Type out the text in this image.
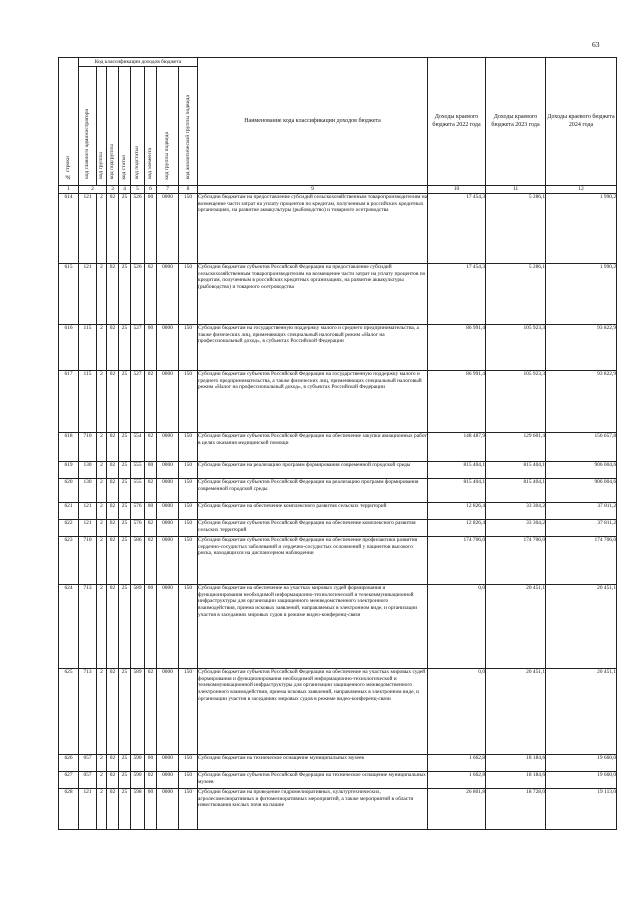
63
№ строки	Код классификации доходов бюджета								Наименование кода классификации доходов бюджета	Доходы краевого бюджета 2022 года	Доходы краевого бюджета 2023 года	Доходы краевого бюджета 2024 года

	код главного администратора	код группы	код подгруппы	код статьи	код подстатьи	код элемента	код группы подвида	код аналитической группы подвида				
1	2		3	4	5	6	7	8	9	10	11	12
614	121	2	02	25	526	00	0000	150	Субсидии бюджетам на предоставление субсидий сельскохозяйственным товаропроизводителям на возмещение части затрат на уплату процентов по кредитам, полученным в российских кредитных организациях, на развитие аквакультуры (рыбоводство) и товарного осетроводства	17 454,3	5 286,1	1 990,2
615	121	2	02	25	526	02	0000	150	Субсидии бюджетам субъектов Российской Федерации на предоставление субсидий сельскохозяйственным товаропроизводителям на возмещение части затрат на уплату процентов по кредитам, полученным в российских кредитных организациях, на развитие аквакультуры (рыбоводство) и товарного осетроводства	17 454,3	5 286,1	1 990,2
616	115	2	02	25	527	00	0000	150	Субсидии бюджетам на государственную поддержку малого и среднего предпринимательства, а также физических лиц, применяющих специальный налоговый режим «Налог на профессиональный доход», в субъектах Российской Федерации	86 991,4	105 923,3	93 822,9
617	115	2	02	25	527	02	0000	150	Субсидии бюджетам субъектов Российской Федерации на государственную поддержку малого и среднего предпринимательства, а также физических лиц, применяющих специальный налоговый режим «Налог на профессиональный доход», в субъектах Российской Федерации	86 991,4	105 923,3	93 822,9
618	710	2	02	25	554	02	0000	150	Субсидии бюджетам субъектов Российской Федерации на обеспечение закупки авиационных работ в целях оказания медицинской помощи	148 487,9	129 601,4	156 657,8
619	130	2	02	25	555	00	0000	150	Субсидии бюджетам на реализацию программ формирования современной городской среды	815 404,1	815 404,1	906 004,6
620	130	2	02	25	555	02	0000	150	Субсидии бюджетам субъектов Российской Федерации на реализацию программ формирования современной городской среды	815 404,1	815 404,1	906 004,6
621	121	2	02	25	576	00	0000	150	Субсидии бюджетам на обеспечение комплексного развития сельских территорий	12 826,4	33 304,2	37 811,2
622	121	2	02	25	576	02	0000	150	Субсидии бюджетам субъектов Российской Федерации на обеспечение комплексного развития сельских территорий	12 826,4	33 304,2	37 811,2
623	710	2	02	25	586	02	0000	150	Субсидии бюджетам субъектов Российской Федерации на обеспечение профилактики развития сердечно-сосудистых заболеваний и сердечно-сосудистых осложнений у пациентов высокого риска, находящихся на диспансерном наблюдении	174 706,0	174 706,0	174 706,0
624	713	2	02	25	589	00	0000	150	Субсидии бюджетам на обеспечение на участках мировых судей формирования и функционирования необходимой информационно-технологической и телекоммуникационной инфраструктуры для организации защищенного межведомственного электронного взаимодействия, приема исковых заявлений, направляемых в электронном виде, и организации участия в заседаниях мировых судов в режиме видео-конференц-связи	0,0	20 451,1	20 451,1
625	713	2	02	25	589	02	0000	150	Субсидии бюджетам субъектов Российской Федерации на обеспечение на участках мировых судей формирования и функционирования необходимой информационно-технологической и телекоммуникационной инфраструктуры для организации защищенного межведомственного электронного взаимодействия, приема исковых заявлений, направляемых в электронном виде, и организации участия в заседаниях мировых судов в режиме видео-конференц-связи	0,0	20 451,1	20 451,1
626	057	2	02	25	590	00	0000	150	Субсидии бюджетам на техническое оснащение муниципальных музеев	1 662,8	18 184,6	19 660,0
627	057	2	02	25	590	02	0000	150	Субсидии бюджетам субъектов Российской Федерации на техническое оснащение муниципальных музеев	1 662,8	18 184,6	19 660,0
628	121	2	02	25	598	00	0000	150	Субсидии бюджетам на проведение гидромелиоративных, культуртехнических, агролесомелиоративных и фитомелиоративных мероприятий, а также мероприятий в области известкования кислых почв на пашне	26 801,8	18 728,0	19 113,0
